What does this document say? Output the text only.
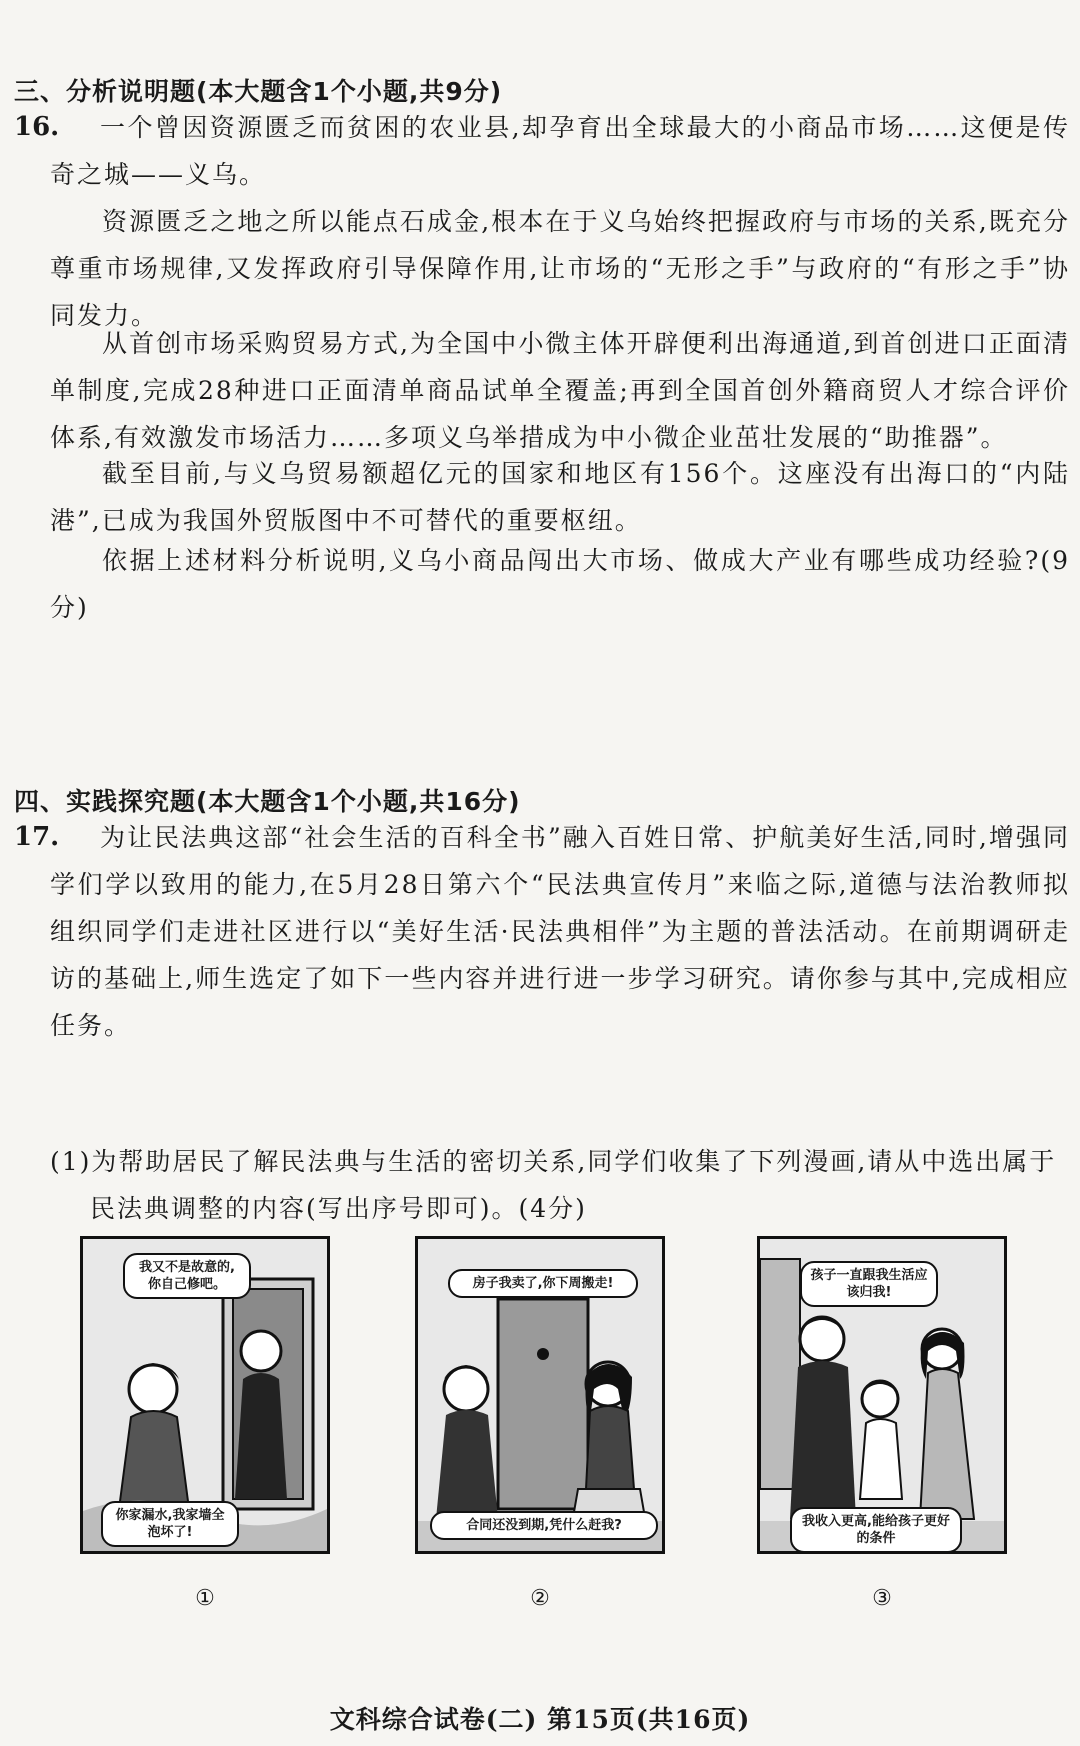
三、分析说明题(本大题含1个小题,共9分)
16.	一个曾因资源匮乏而贫困的农业县,却孕育出全球最大的小商品市场……这便是传奇之城——义乌。

资源匮乏之地之所以能点石成金,根本在于义乌始终把握政府与市场的关系,既充分尊重市场规律,又发挥政府引导保障作用,让市场的“无形之手”与政府的“有形之手”协同发力。

从首创市场采购贸易方式,为全国中小微主体开辟便利出海通道,到首创进口正面清单制度,完成28种进口正面清单商品试单全覆盖;再到全国首创外籍商贸人才综合评价体系,有效激发市场活力……多项义乌举措成为中小微企业茁壮发展的“助推器”。

截至目前,与义乌贸易额超亿元的国家和地区有156个。这座没有出海口的“内陆港”,已成为我国外贸版图中不可替代的重要枢纽。

依据上述材料分析说明,义乌小商品闯出大市场、做成大产业有哪些成功经验?(9分)

四、实践探究题(本大题含1个小题,共16分)
17.	为让民法典这部“社会生活的百科全书”融入百姓日常、护航美好生活,同时,增强同学们学以致用的能力,在5月28日第六个“民法典宣传月”来临之际,道德与法治教师拟组织同学们走进社区进行以“美好生活·民法典相伴”为主题的普法活动。在前期调研走访的基础上,师生选定了如下一些内容并进行进一步学习研究。请你参与其中,完成相应任务。

(1)为帮助居民了解民法典与生活的密切关系,同学们收集了下列漫画,请从中选出属于民法典调整的内容(写出序号即可)。(4分)
我又不是故意的,你自己修吧。
你家漏水,我家墙全泡坏了!
房子我卖了,你下周搬走!
合同还没到期,凭什么赶我?
孩子一直跟我生活应该归我!
我收入更高,能给孩子更好的条件
①	②	③
文科综合试卷(二) 第15页(共16页)
